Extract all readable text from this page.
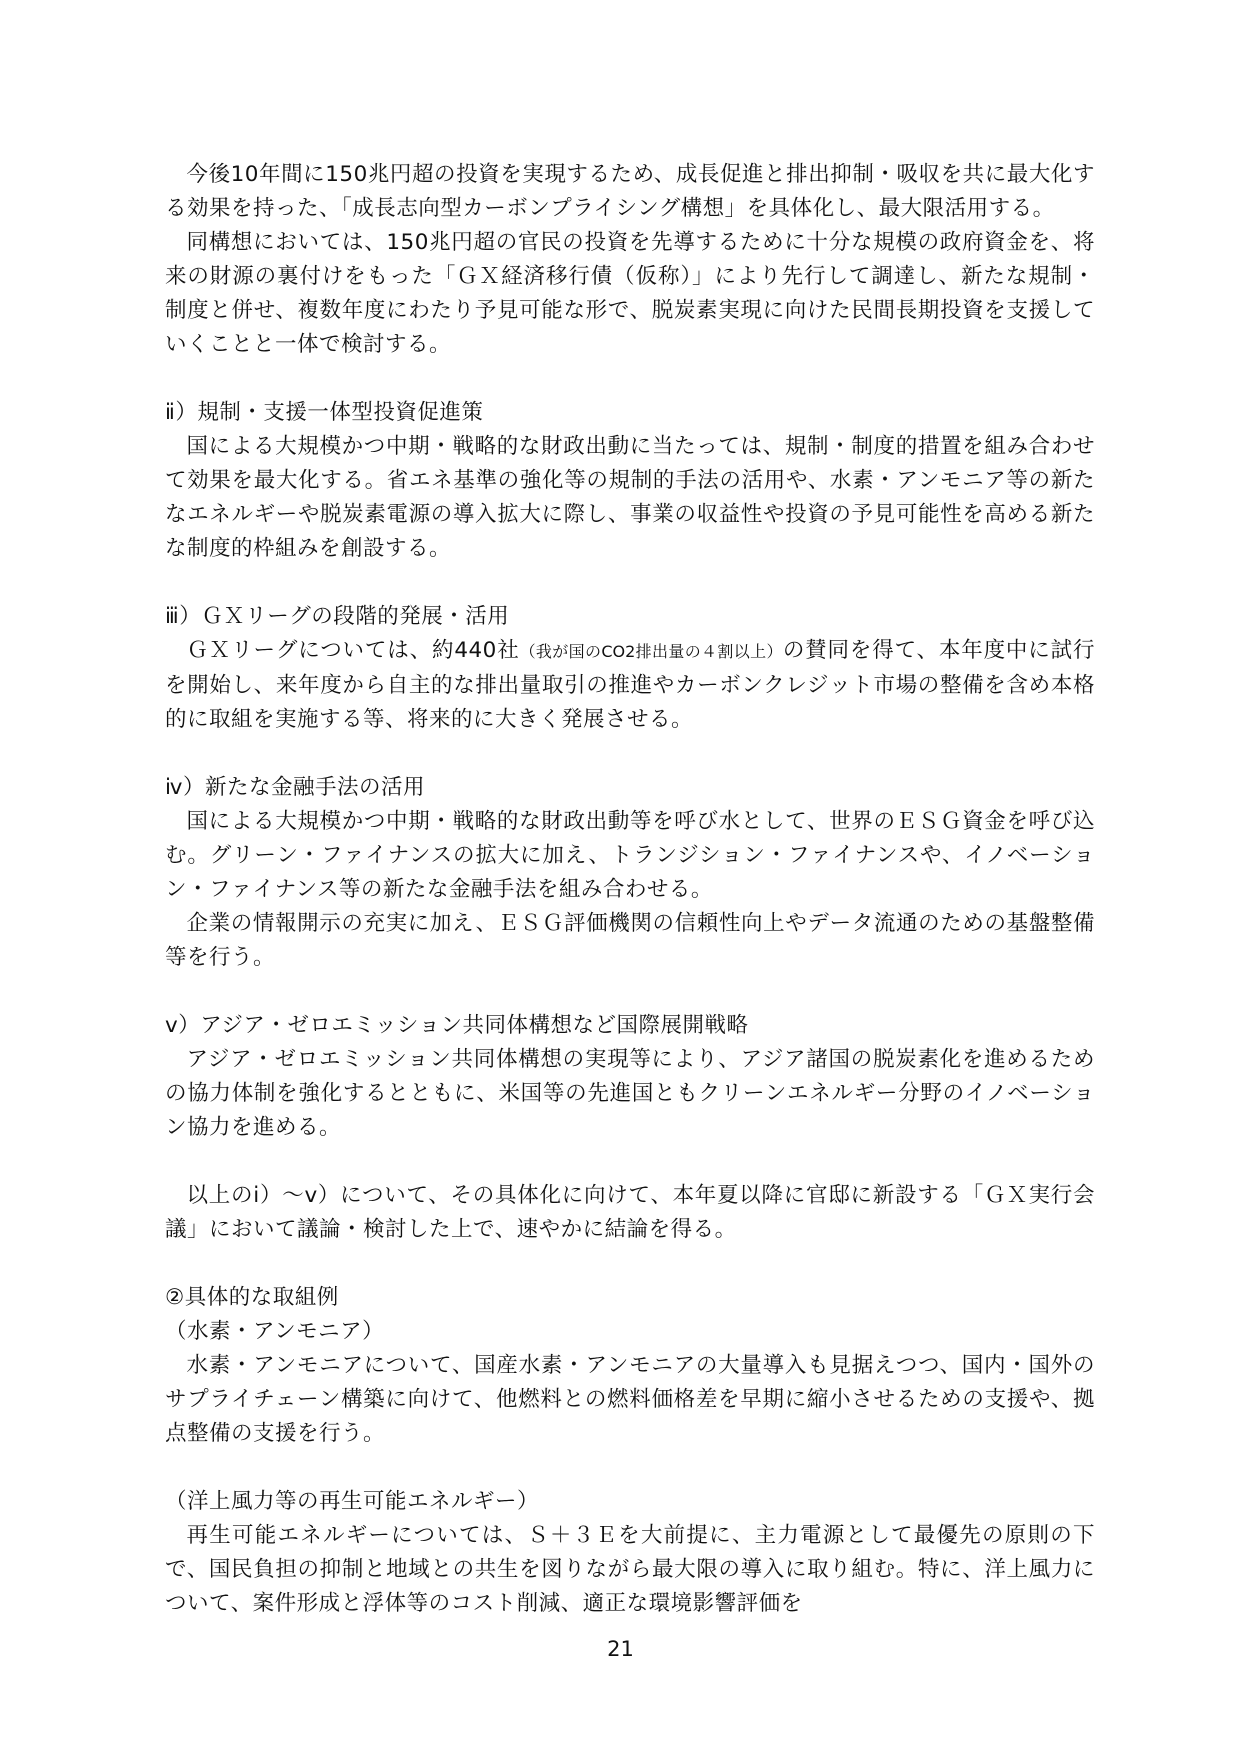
今後10年間に150兆円超の投資を実現するため、成長促進と排出抑制・吸収を共に最大化する効果を持った、「成長志向型カーボンプライシング構想」を具体化し、最大限活用する。

同構想においては、150兆円超の官民の投資を先導するために十分な規模の政府資金を、将来の財源の裏付けをもった「ＧＸ経済移行債（仮称）」により先行して調達し、新たな規制・制度と併せ、複数年度にわたり予見可能な形で、脱炭素実現に向けた民間長期投資を支援していくことと一体で検討する。

ⅱ）規制・支援一体型投資促進策

国による大規模かつ中期・戦略的な財政出動に当たっては、規制・制度的措置を組み合わせて効果を最大化する。省エネ基準の強化等の規制的手法の活用や、水素・アンモニア等の新たなエネルギーや脱炭素電源の導入拡大に際し、事業の収益性や投資の予見可能性を高める新たな制度的枠組みを創設する。

ⅲ）ＧＸリーグの段階的発展・活用

ＧＸリーグについては、約440社（我が国のCO2排出量の４割以上）の賛同を得て、本年度中に試行を開始し、来年度から自主的な排出量取引の推進やカーボンクレジット市場の整備を含め本格的に取組を実施する等、将来的に大きく発展させる。

ⅳ）新たな金融手法の活用

国による大規模かつ中期・戦略的な財政出動等を呼び水として、世界のＥＳＧ資金を呼び込む。グリーン・ファイナンスの拡大に加え、トランジション・ファイナンスや、イノベーション・ファイナンス等の新たな金融手法を組み合わせる。

企業の情報開示の充実に加え、ＥＳＧ評価機関の信頼性向上やデータ流通のための基盤整備等を行う。

ⅴ）アジア・ゼロエミッション共同体構想など国際展開戦略

アジア・ゼロエミッション共同体構想の実現等により、アジア諸国の脱炭素化を進めるための協力体制を強化するとともに、米国等の先進国ともクリーンエネルギー分野のイノベーション協力を進める。

以上のⅰ）～ⅴ）について、その具体化に向けて、本年夏以降に官邸に新設する「ＧＸ実行会議」において議論・検討した上で、速やかに結論を得る。

②具体的な取組例

（水素・アンモニア）

水素・アンモニアについて、国産水素・アンモニアの大量導入も見据えつつ、国内・国外のサプライチェーン構築に向けて、他燃料との燃料価格差を早期に縮小させるための支援や、拠点整備の支援を行う。

（洋上風力等の再生可能エネルギー）

再生可能エネルギーについては、Ｓ＋３Ｅを大前提に、主力電源として最優先の原則の下で、国民負担の抑制と地域との共生を図りながら最大限の導入に取り組む。特に、洋上風力について、案件形成と浮体等のコスト削減、適正な環境影響評価を

21
